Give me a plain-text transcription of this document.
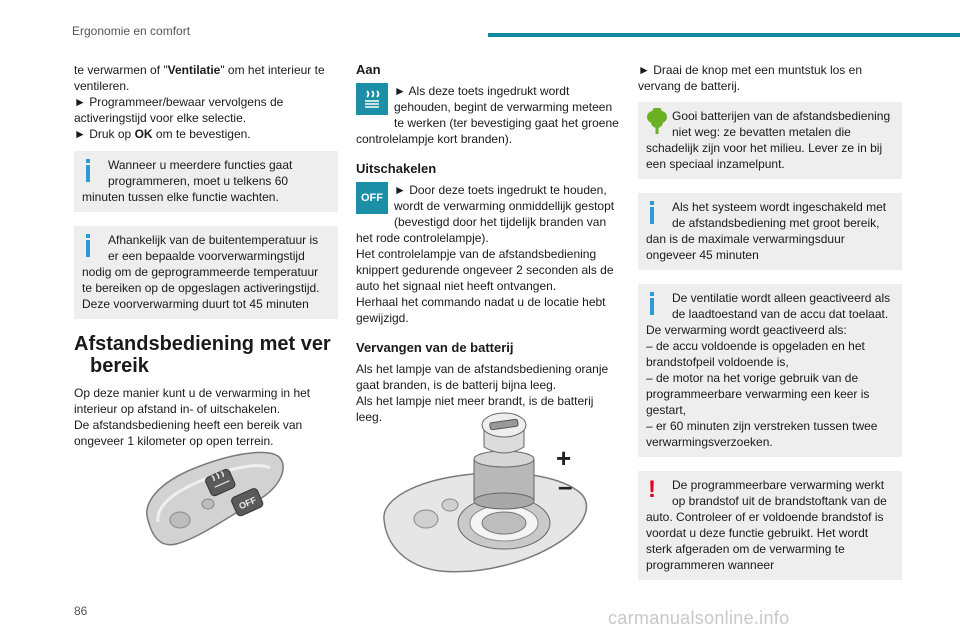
Ergonomie en comfort

te verwarmen of "Ventilatie" om het interieur te ventileren.

► Programmeer/bewaar vervolgens de activeringstijd voor elke selectie.

► Druk op OK om te bevestigen.

Wanneer u meerdere functies gaat programmeren, moet u telkens 60 minuten tussen elke functie wachten.
Afhankelijk van de buitentemperatuur is er een bepaalde voorverwarmingstijd nodig om de geprogrammeerde temperatuur te bereiken op de opgeslagen activeringstijd.
Deze voorverwarming duurt tot 45 minuten
Afstandsbediening met ver
bereik

Op deze manier kunt u de verwarming in het interieur op afstand in- of uitschakelen.

De afstandsbediening heeft een bereik van ongeveer 1 kilometer op open terrein.

OFF
Aan

► Als deze toets ingedrukt wordt gehouden, begint de verwarming meteen te werken (ter bevestiging gaat het groene controlelampje kort branden).

Uitschakelen
OFF

► Door deze toets ingedrukt te houden, wordt de verwarming onmiddellijk gestopt (bevestigd door het tijdelijk branden van het rode controlelampje).

Het controlelampje van de afstandsbediening knippert gedurende ongeveer 2 seconden als de auto het signaal niet heeft ontvangen.

Herhaal het commando nadat u de locatie hebt gewijzigd.

Vervangen van de batterij

Als het lampje van de afstandsbediening oranje gaat branden, is de batterij bijna leeg.

Als het lampje niet meer brandt, is de batterij leeg.

+
–

► Draai de knop met een muntstuk los en vervang de batterij.

Gooi batterijen van de afstandsbediening niet weg: ze bevatten metalen die schadelijk zijn voor het milieu. Lever ze in bij een speciaal inzamelpunt.
Als het systeem wordt ingeschakeld met de afstandsbediening met groot bereik, dan is de maximale verwarmingsduur ongeveer 45 minuten
De ventilatie wordt alleen geactiveerd als de laadtoestand van de accu dat toelaat.
De verwarming wordt geactiveerd als:
– de accu voldoende is opgeladen en het brandstofpeil voldoende is,
– de motor na het vorige gebruik van de programmeerbare verwarming een keer is gestart,
– er 60 minuten zijn verstreken tussen twee verwarmingsverzoeken.
! De programmeerbare verwarming werkt op brandstof uit de brandstoftank van de auto. Controleer of er voldoende brandstof is voordat u deze functie gebruikt. Het wordt sterk afgeraden om de verwarming te programmeren wanneer
86	carmanualsonline.info
